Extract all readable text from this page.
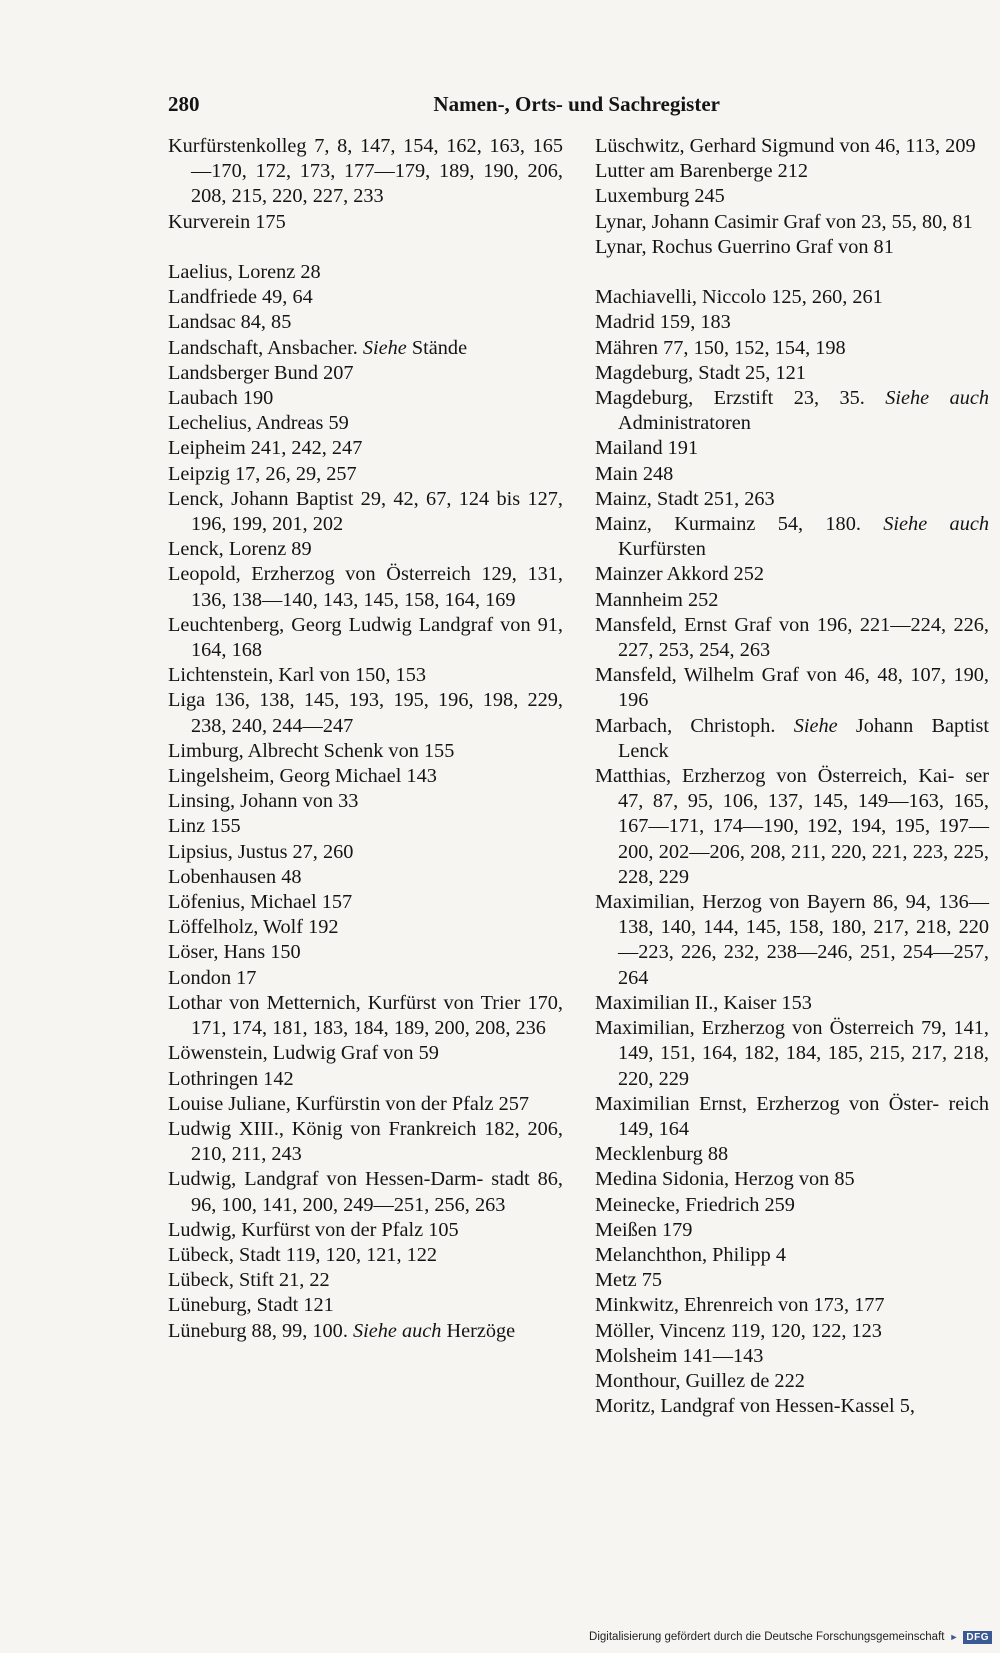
280	Namen-, Orts- und Sachregister

Kurfürstenkolleg 7, 8, 147, 154, 162, 163, 165—170, 172, 173, 177—179, 189, 190, 206, 208, 215, 220, 227, 233

Kurverein 175

Laelius, Lorenz 28

Landfriede 49, 64

Landsac 84, 85

Landschaft, Ansbacher. Siehe Stände

Landsberger Bund 207

Laubach 190

Lechelius, Andreas 59

Leipheim 241, 242, 247

Leipzig 17, 26, 29, 257

Lenck, Johann Baptist 29, 42, 67, 124 bis 127, 196, 199, 201, 202

Lenck, Lorenz 89

Leopold, Erzherzog von Österreich 129, 131, 136, 138—140, 143, 145, 158, 164, 169

Leuchtenberg, Georg Ludwig Landgraf von 91, 164, 168

Lichtenstein, Karl von 150, 153

Liga 136, 138, 145, 193, 195, 196, 198, 229, 238, 240, 244—247

Limburg, Albrecht Schenk von 155

Lingelsheim, Georg Michael 143

Linsing, Johann von 33

Linz 155

Lipsius, Justus 27, 260

Lobenhausen 48

Löfenius, Michael 157

Löffelholz, Wolf 192

Löser, Hans 150

London 17

Lothar von Metternich, Kurfürst von Trier 170, 171, 174, 181, 183, 184, 189, 200, 208, 236

Löwenstein, Ludwig Graf von 59

Lothringen 142

Louise Juliane, Kurfürstin von der Pfalz 257

Ludwig XIII., König von Frankreich 182, 206, 210, 211, 243

Ludwig, Landgraf von Hessen-Darm- stadt 86, 96, 100, 141, 200, 249—251, 256, 263

Ludwig, Kurfürst von der Pfalz 105

Lübeck, Stadt 119, 120, 121, 122

Lübeck, Stift 21, 22

Lüneburg, Stadt 121

Lüneburg 88, 99, 100. Siehe auch Herzöge

Lüschwitz, Gerhard Sigmund von 46, 113, 209

Lutter am Barenberge 212

Luxemburg 245

Lynar, Johann Casimir Graf von 23, 55, 80, 81

Lynar, Rochus Guerrino Graf von 81

Machiavelli, Niccolo 125, 260, 261

Madrid 159, 183

Mähren 77, 150, 152, 154, 198

Magdeburg, Stadt 25, 121

Magdeburg, Erzstift 23, 35. Siehe auch Administratoren

Mailand 191

Main 248

Mainz, Stadt 251, 263

Mainz, Kurmainz 54, 180. Siehe auch Kurfürsten

Mainzer Akkord 252

Mannheim 252

Mansfeld, Ernst Graf von 196, 221—224, 226, 227, 253, 254, 263

Mansfeld, Wilhelm Graf von 46, 48, 107, 190, 196

Marbach, Christoph. Siehe Johann Baptist Lenck

Matthias, Erzherzog von Österreich, Kai- ser 47, 87, 95, 106, 137, 145, 149—163, 165, 167—171, 174—190, 192, 194, 195, 197—200, 202—206, 208, 211, 220, 221, 223, 225, 228, 229

Maximilian, Herzog von Bayern 86, 94, 136—138, 140, 144, 145, 158, 180, 217, 218, 220—223, 226, 232, 238—246, 251, 254—257, 264

Maximilian II., Kaiser 153

Maximilian, Erzherzog von Österreich 79, 141, 149, 151, 164, 182, 184, 185, 215, 217, 218, 220, 229

Maximilian Ernst, Erzherzog von Öster- reich 149, 164

Mecklenburg 88

Medina Sidonia, Herzog von 85

Meinecke, Friedrich 259

Meißen 179

Melanchthon, Philipp 4

Metz 75

Minkwitz, Ehrenreich von 173, 177

Möller, Vincenz 119, 120, 122, 123

Molsheim 141—143

Monthour, Guillez de 222

Moritz, Landgraf von Hessen-Kassel 5,

Digitalisierung gefördert durch die Deutsche Forschungsgemeinschaft ► DFG
